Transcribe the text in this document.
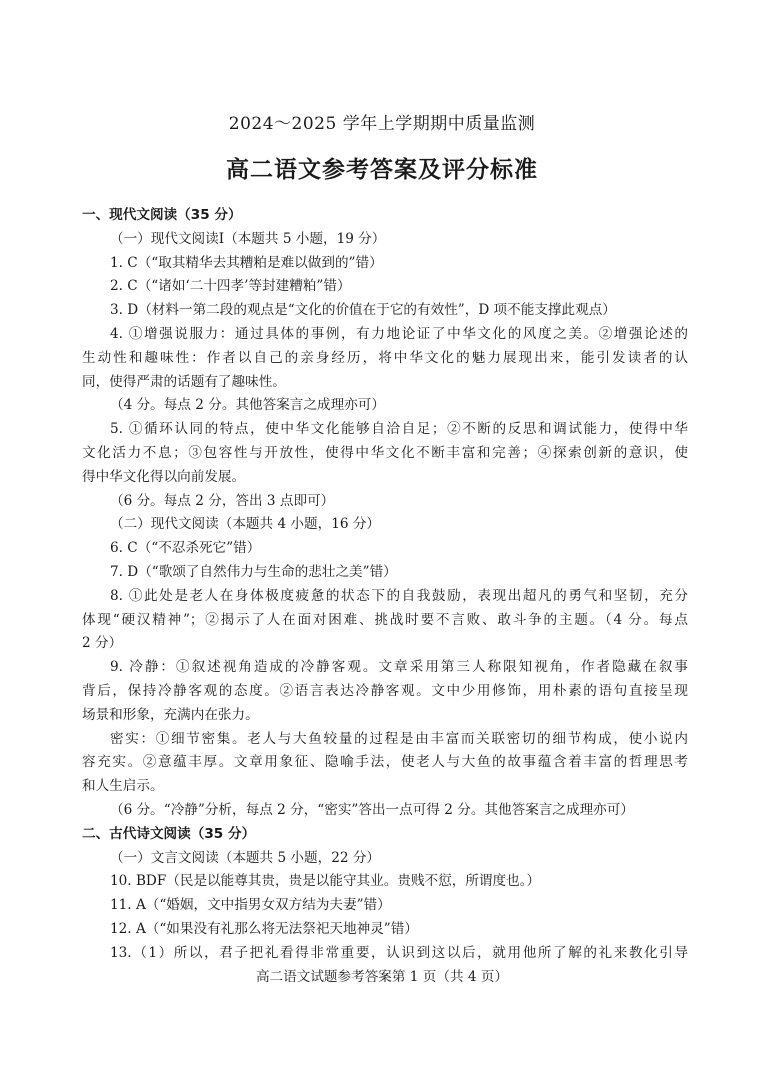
2024～2025 学年上学期期中质量监测
高二语文参考答案及评分标准
一、现代文阅读（35 分）
（一）现代文阅读Ⅰ（本题共 5 小题，19 分）
1. C（“取其精华去其糟粕是难以做到的”错）
2. C（“诸如‘二十四孝’等封建糟粕”错）
3. D（材料一第二段的观点是“文化的价值在于它的有效性”，D 项不能支撑此观点）
4. ①增强说服力：通过具体的事例，有力地论证了中华文化的风度之美。②增强论述的
生动性和趣味性：作者以自己的亲身经历，将中华文化的魅力展现出来，能引发读者的认
同，使得严肃的话题有了趣味性。
（4 分。每点 2 分。其他答案言之成理亦可）
5. ①循环认同的特点，使中华文化能够自洽自足；②不断的反思和调试能力，使得中华
文化活力不息；③包容性与开放性，使得中华文化不断丰富和完善；④探索创新的意识，使
得中华文化得以向前发展。
（6 分。每点 2 分，答出 3 点即可）
（二）现代文阅读（本题共 4 小题，16 分）
6. C（“不忍杀死它”错）
7. D（“歌颂了自然伟力与生命的悲壮之美”错）
8. ①此处是老人在身体极度疲惫的状态下的自我鼓励，表现出超凡的勇气和坚韧，充分
体现“硬汉精神”；②揭示了人在面对困难、挑战时要不言败、敢斗争的主题。（4 分。每点
2 分）
9. 冷静：①叙述视角造成的冷静客观。文章采用第三人称限知视角，作者隐藏在叙事
背后，保持冷静客观的态度。②语言表达冷静客观。文中少用修饰，用朴素的语句直接呈现
场景和形象，充满内在张力。
密实：①细节密集。老人与大鱼较量的过程是由丰富而关联密切的细节构成，使小说内
容充实。②意蕴丰厚。文章用象征、隐喻手法，使老人与大鱼的故事蕴含着丰富的哲理思考
和人生启示。
（6 分。“冷静”分析，每点 2 分，“密实”答出一点可得 2 分。其他答案言之成理亦可）
二、古代诗文阅读（35 分）
（一）文言文阅读（本题共 5 小题，22 分）
10. BDF（民是以能尊其贵，贵是以能守其业。贵贱不愆，所谓度也。）
11. A（“婚姻，文中指男女双方结为夫妻”错）
12. A（“如果没有礼那么将无法祭祀天地神灵”错）
13.（1）所以，君子把礼看得非常重要，认识到这以后，就用他所了解的礼来教化引导
高二语文试题参考答案第 1 页（共 4 页）
